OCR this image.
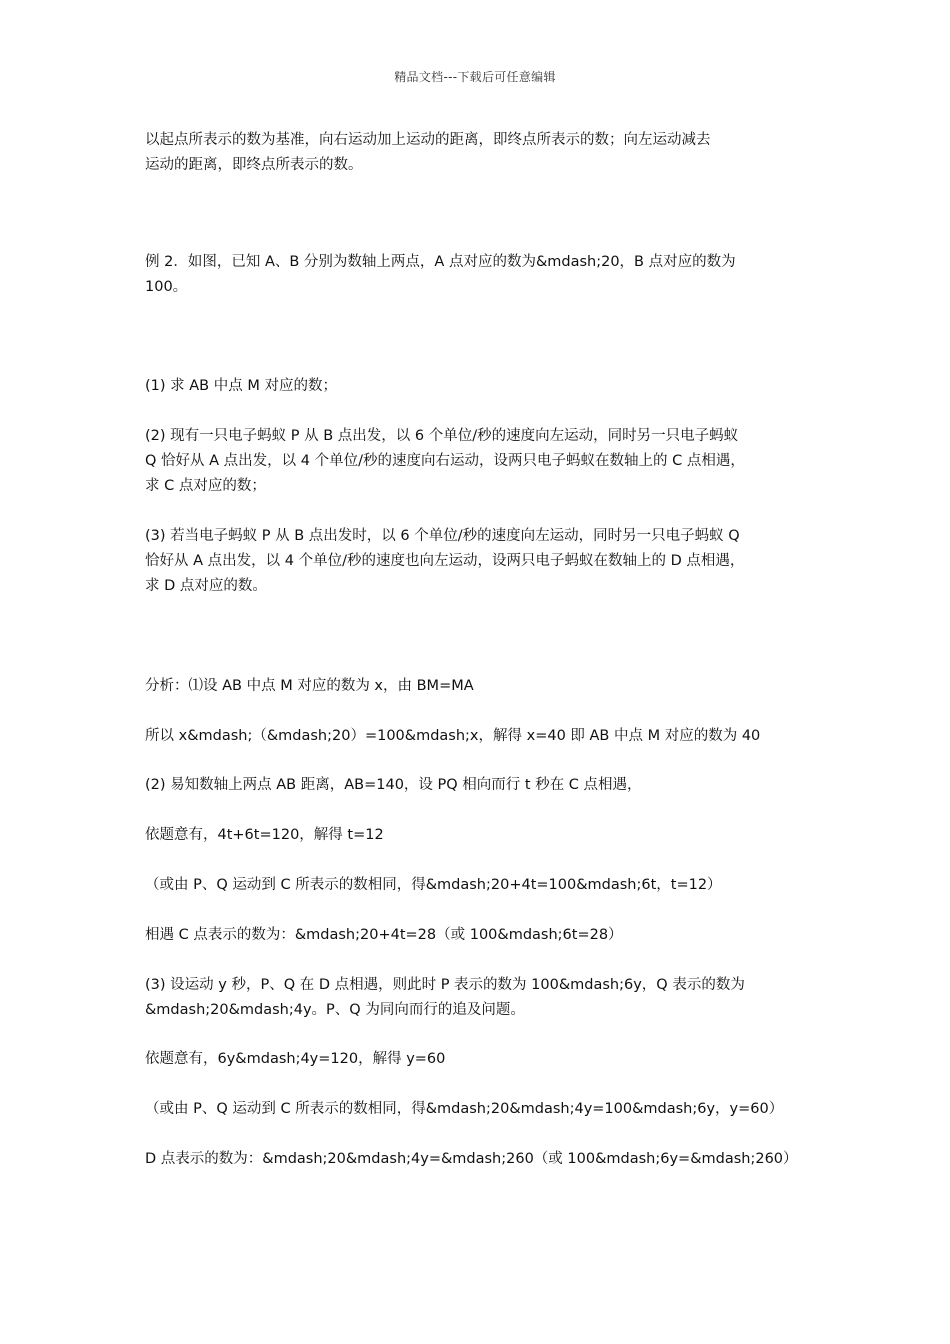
精品文档---下载后可任意编辑
以起点所表示的数为基准，向右运动加上运动的距离，即终点所表示的数；向左运动减去
运动的距离，即终点所表示的数。
例 2．如图，已知 A、B 分别为数轴上两点，A 点对应的数为&mdash;20，B 点对应的数为
100。
(1) 求 AB 中点 M 对应的数；
(2) 现有一只电子蚂蚁 P 从 B 点出发，以 6 个单位/秒的速度向左运动，同时另一只电子蚂蚁
Q 恰好从 A 点出发，以 4 个单位/秒的速度向右运动，设两只电子蚂蚁在数轴上的 C 点相遇，
求 C 点对应的数；
(3) 若当电子蚂蚁 P 从 B 点出发时，以 6 个单位/秒的速度向左运动，同时另一只电子蚂蚁 Q
恰好从 A 点出发，以 4 个单位/秒的速度也向左运动，设两只电子蚂蚁在数轴上的 D 点相遇，
求 D 点对应的数。
分析：⑴设 AB 中点 M 对应的数为 x，由 BM=MA
所以 x&mdash;（&mdash;20）=100&mdash;x，解得 x=40 即 AB 中点 M 对应的数为 40
(2) 易知数轴上两点 AB 距离，AB=140，设 PQ 相向而行 t 秒在 C 点相遇，
依题意有，4t+6t=120，解得 t=12
（或由 P、Q 运动到 C 所表示的数相同，得&mdash;20+4t=100&mdash;6t，t=12）
相遇 C 点表示的数为：&mdash;20+4t=28（或 100&mdash;6t=28）
(3) 设运动 y 秒，P、Q 在 D 点相遇，则此时 P 表示的数为 100&mdash;6y，Q 表示的数为
&mdash;20&mdash;4y。P、Q 为同向而行的追及问题。
依题意有，6y&mdash;4y=120，解得 y=60
（或由 P、Q 运动到 C 所表示的数相同，得&mdash;20&mdash;4y=100&mdash;6y，y=60）
D 点表示的数为：&mdash;20&mdash;4y=&mdash;260（或 100&mdash;6y=&mdash;260）
